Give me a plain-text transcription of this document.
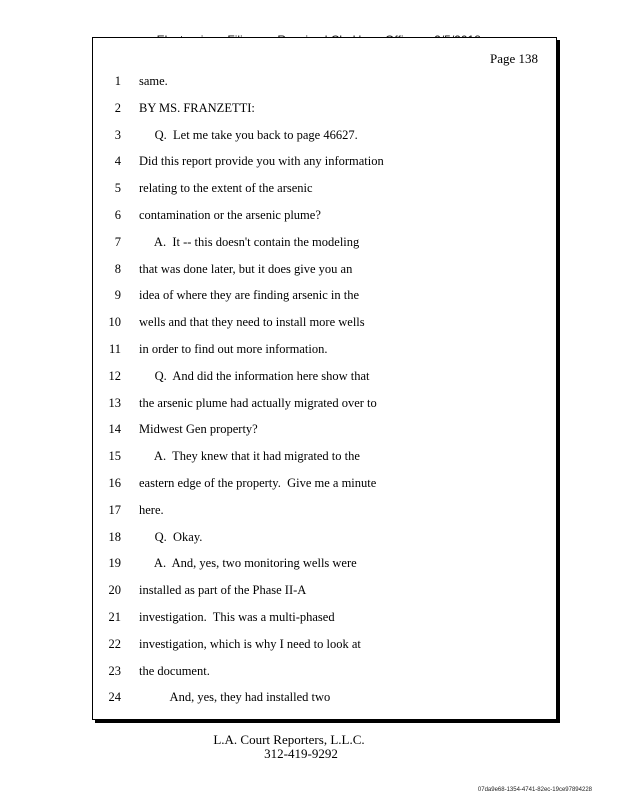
Page 138
1 same.
2 BY MS. FRANZETTI:
3 Q.  Let me take you back to page 46627.
4 Did this report provide you with any information
5 relating to the extent of the arsenic
6 contamination or the arsenic plume?
7 A.  It -- this doesn't contain the modeling
8 that was done later, but it does give you an
9 idea of where they are finding arsenic in the
10 wells and that they need to install more wells
11 in order to find out more information.
12 Q.  And did the information here show that
13 the arsenic plume had actually migrated over to
14 Midwest Gen property?
15 A.  They knew that it had migrated to the
16 eastern edge of the property.  Give me a minute
17 here.
18 Q.  Okay.
19 A.  And, yes, two monitoring wells were
20 installed as part of the Phase II-A
21 investigation.  This was a multi-phased
22 investigation, which is why I need to look at
23 the document.
24 And, yes, they had installed two
L.A. Court Reporters, L.L.C.
312-419-9292
07da9e68-1354-4741-82ec-19ce97894228
